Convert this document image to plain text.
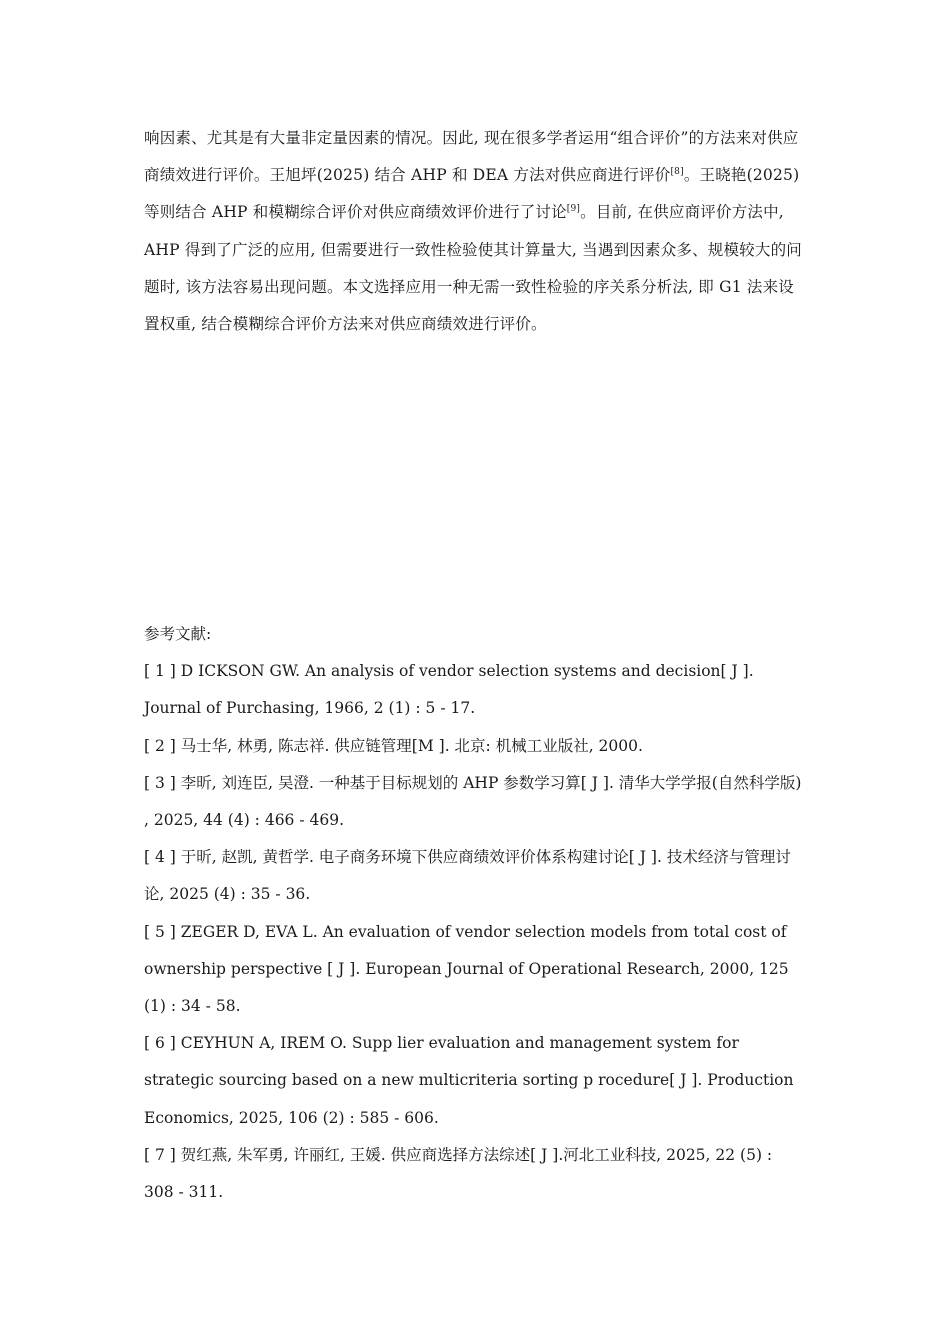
响因素、尤其是有大量非定量因素的情况。因此, 现在很多学者运用“组合评价”的方法来对供应商绩效进行评价。王旭坪(2025) 结合 AHP 和 DEA 方法对供应商进行评价[8]。王晓艳(2025) 等则结合 AHP 和模糊综合评价对供应商绩效评价进行了讨论[9]。目前, 在供应商评价方法中, AHP 得到了广泛的应用, 但需要进行一致性检验使其计算量大, 当遇到因素众多、规模较大的问题时, 该方法容易出现问题。本文选择应用一种无需一致性检验的序关系分析法, 即 G1 法来设置权重, 结合模糊综合评价方法来对供应商绩效进行评价。

参考文献:

[ 1 ] D ICKSON GW. An analysis of vendor selection systems and decision[ J ]. Journal of Purchasing, 1966, 2 (1) : 5 - 17.
[ 2 ] 马士华, 林勇, 陈志祥. 供应链管理[M ]. 北京: 机械工业版社, 2000.
[ 3 ] 李昕, 刘连臣, 吴澄. 一种基于目标规划的 AHP 参数学习算[ J ]. 清华大学学报(自然科学版) , 2025, 44 (4) : 466 - 469.
[ 4 ] 于昕, 赵凯, 黄哲学. 电子商务环境下供应商绩效评价体系构建讨论[ J ]. 技术经济与管理讨论, 2025 (4) : 35 - 36.
[ 5 ] ZEGER D, EVA L. An evaluation of vendor selection models from total cost of ownership perspective [ J ]. European Journal of Operational Research, 2000, 125 (1) : 34 - 58.
[ 6 ] CEYHUN A, IREM O. Supp lier evaluation and management system for strategic sourcing based on a new multicriteria sorting p rocedure[ J ]. Production Economics, 2025, 106 (2) : 585 - 606.
[ 7 ] 贺红燕, 朱军勇, 许丽红, 王媛. 供应商选择方法综述[ J ].河北工业科技, 2025, 22 (5) : 308 - 311.
